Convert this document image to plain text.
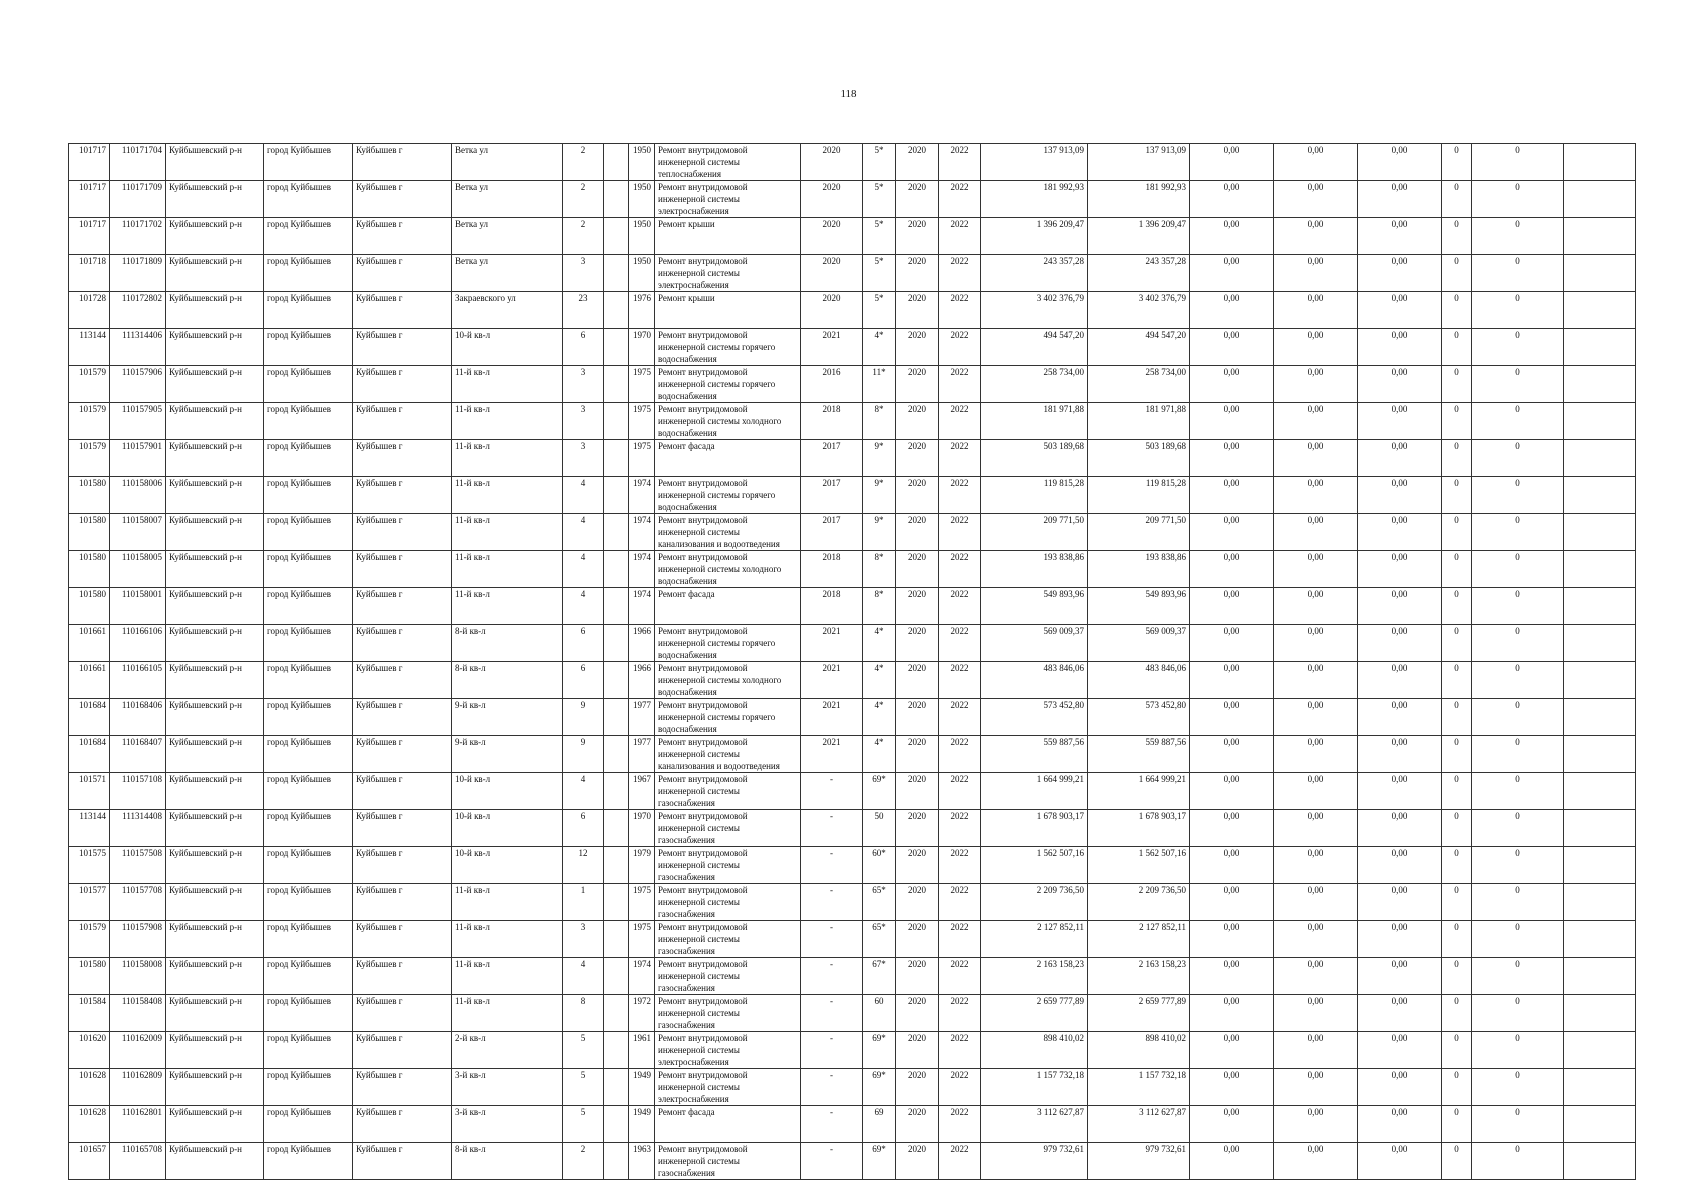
118
101717	110171704	Куйбышевский р-н	город Куйбышев	Куйбышев г	Ветка ул	2		1950	Ремонт внутридомовой инженерной системы теплоснабжения	2020	5*	2020	2022	137 913,09	137 913,09	0,00	0,00	0,00	0	0	
101717	110171709	Куйбышевский р-н	город Куйбышев	Куйбышев г	Ветка ул	2		1950	Ремонт внутридомовой инженерной системы электроснабжения	2020	5*	2020	2022	181 992,93	181 992,93	0,00	0,00	0,00	0	0	
101717	110171702	Куйбышевский р-н	город Куйбышев	Куйбышев г	Ветка ул	2		1950	Ремонт крыши	2020	5*	2020	2022	1 396 209,47	1 396 209,47	0,00	0,00	0,00	0	0	
101718	110171809	Куйбышевский р-н	город Куйбышев	Куйбышев г	Ветка ул	3		1950	Ремонт внутридомовой инженерной системы электроснабжения	2020	5*	2020	2022	243 357,28	243 357,28	0,00	0,00	0,00	0	0	
101728	110172802	Куйбышевский р-н	город Куйбышев	Куйбышев г	Закраевского ул	23		1976	Ремонт крыши	2020	5*	2020	2022	3 402 376,79	3 402 376,79	0,00	0,00	0,00	0	0	
113144	111314406	Куйбышевский р-н	город Куйбышев	Куйбышев г	10-й кв-л	6		1970	Ремонт внутридомовой инженерной системы горячего водоснабжения	2021	4*	2020	2022	494 547,20	494 547,20	0,00	0,00	0,00	0	0	
101579	110157906	Куйбышевский р-н	город Куйбышев	Куйбышев г	11-й кв-л	3		1975	Ремонт внутридомовой инженерной системы горячего водоснабжения	2016	11*	2020	2022	258 734,00	258 734,00	0,00	0,00	0,00	0	0	
101579	110157905	Куйбышевский р-н	город Куйбышев	Куйбышев г	11-й кв-л	3		1975	Ремонт внутридомовой инженерной системы холодного водоснабжения	2018	8*	2020	2022	181 971,88	181 971,88	0,00	0,00	0,00	0	0	
101579	110157901	Куйбышевский р-н	город Куйбышев	Куйбышев г	11-й кв-л	3		1975	Ремонт фасада	2017	9*	2020	2022	503 189,68	503 189,68	0,00	0,00	0,00	0	0	
101580	110158006	Куйбышевский р-н	город Куйбышев	Куйбышев г	11-й кв-л	4		1974	Ремонт внутридомовой инженерной системы горячего водоснабжения	2017	9*	2020	2022	119 815,28	119 815,28	0,00	0,00	0,00	0	0	
101580	110158007	Куйбышевский р-н	город Куйбышев	Куйбышев г	11-й кв-л	4		1974	Ремонт внутридомовой инженерной системы канализования и водоотведения	2017	9*	2020	2022	209 771,50	209 771,50	0,00	0,00	0,00	0	0	
101580	110158005	Куйбышевский р-н	город Куйбышев	Куйбышев г	11-й кв-л	4		1974	Ремонт внутридомовой инженерной системы холодного водоснабжения	2018	8*	2020	2022	193 838,86	193 838,86	0,00	0,00	0,00	0	0	
101580	110158001	Куйбышевский р-н	город Куйбышев	Куйбышев г	11-й кв-л	4		1974	Ремонт фасада	2018	8*	2020	2022	549 893,96	549 893,96	0,00	0,00	0,00	0	0	
101661	110166106	Куйбышевский р-н	город Куйбышев	Куйбышев г	8-й кв-л	6		1966	Ремонт внутридомовой инженерной системы горячего водоснабжения	2021	4*	2020	2022	569 009,37	569 009,37	0,00	0,00	0,00	0	0	
101661	110166105	Куйбышевский р-н	город Куйбышев	Куйбышев г	8-й кв-л	6		1966	Ремонт внутридомовой инженерной системы холодного водоснабжения	2021	4*	2020	2022	483 846,06	483 846,06	0,00	0,00	0,00	0	0	
101684	110168406	Куйбышевский р-н	город Куйбышев	Куйбышев г	9-й кв-л	9		1977	Ремонт внутридомовой инженерной системы горячего водоснабжения	2021	4*	2020	2022	573 452,80	573 452,80	0,00	0,00	0,00	0	0	
101684	110168407	Куйбышевский р-н	город Куйбышев	Куйбышев г	9-й кв-л	9		1977	Ремонт внутридомовой инженерной системы канализования и водоотведения	2021	4*	2020	2022	559 887,56	559 887,56	0,00	0,00	0,00	0	0	
101571	110157108	Куйбышевский р-н	город Куйбышев	Куйбышев г	10-й кв-л	4		1967	Ремонт внутридомовой инженерной системы газоснабжения	-	69*	2020	2022	1 664 999,21	1 664 999,21	0,00	0,00	0,00	0	0	
113144	111314408	Куйбышевский р-н	город Куйбышев	Куйбышев г	10-й кв-л	6		1970	Ремонт внутридомовой инженерной системы газоснабжения	-	50	2020	2022	1 678 903,17	1 678 903,17	0,00	0,00	0,00	0	0	
101575	110157508	Куйбышевский р-н	город Куйбышев	Куйбышев г	10-й кв-л	12		1979	Ремонт внутридомовой инженерной системы газоснабжения	-	60*	2020	2022	1 562 507,16	1 562 507,16	0,00	0,00	0,00	0	0	
101577	110157708	Куйбышевский р-н	город Куйбышев	Куйбышев г	11-й кв-л	1		1975	Ремонт внутридомовой инженерной системы газоснабжения	-	65*	2020	2022	2 209 736,50	2 209 736,50	0,00	0,00	0,00	0	0	
101579	110157908	Куйбышевский р-н	город Куйбышев	Куйбышев г	11-й кв-л	3		1975	Ремонт внутридомовой инженерной системы газоснабжения	-	65*	2020	2022	2 127 852,11	2 127 852,11	0,00	0,00	0,00	0	0	
101580	110158008	Куйбышевский р-н	город Куйбышев	Куйбышев г	11-й кв-л	4		1974	Ремонт внутридомовой инженерной системы газоснабжения	-	67*	2020	2022	2 163 158,23	2 163 158,23	0,00	0,00	0,00	0	0	
101584	110158408	Куйбышевский р-н	город Куйбышев	Куйбышев г	11-й кв-л	8		1972	Ремонт внутридомовой инженерной системы газоснабжения	-	60	2020	2022	2 659 777,89	2 659 777,89	0,00	0,00	0,00	0	0	
101620	110162009	Куйбышевский р-н	город Куйбышев	Куйбышев г	2-й кв-л	5		1961	Ремонт внутридомовой инженерной системы электроснабжения	-	69*	2020	2022	898 410,02	898 410,02	0,00	0,00	0,00	0	0	
101628	110162809	Куйбышевский р-н	город Куйбышев	Куйбышев г	3-й кв-л	5		1949	Ремонт внутридомовой инженерной системы электроснабжения	-	69*	2020	2022	1 157 732,18	1 157 732,18	0,00	0,00	0,00	0	0	
101628	110162801	Куйбышевский р-н	город Куйбышев	Куйбышев г	3-й кв-л	5		1949	Ремонт фасада	-	69	2020	2022	3 112 627,87	3 112 627,87	0,00	0,00	0,00	0	0	
101657	110165708	Куйбышевский р-н	город Куйбышев	Куйбышев г	8-й кв-л	2		1963	Ремонт внутридомовой инженерной системы газоснабжения	-	69*	2020	2022	979 732,61	979 732,61	0,00	0,00	0,00	0	0	
